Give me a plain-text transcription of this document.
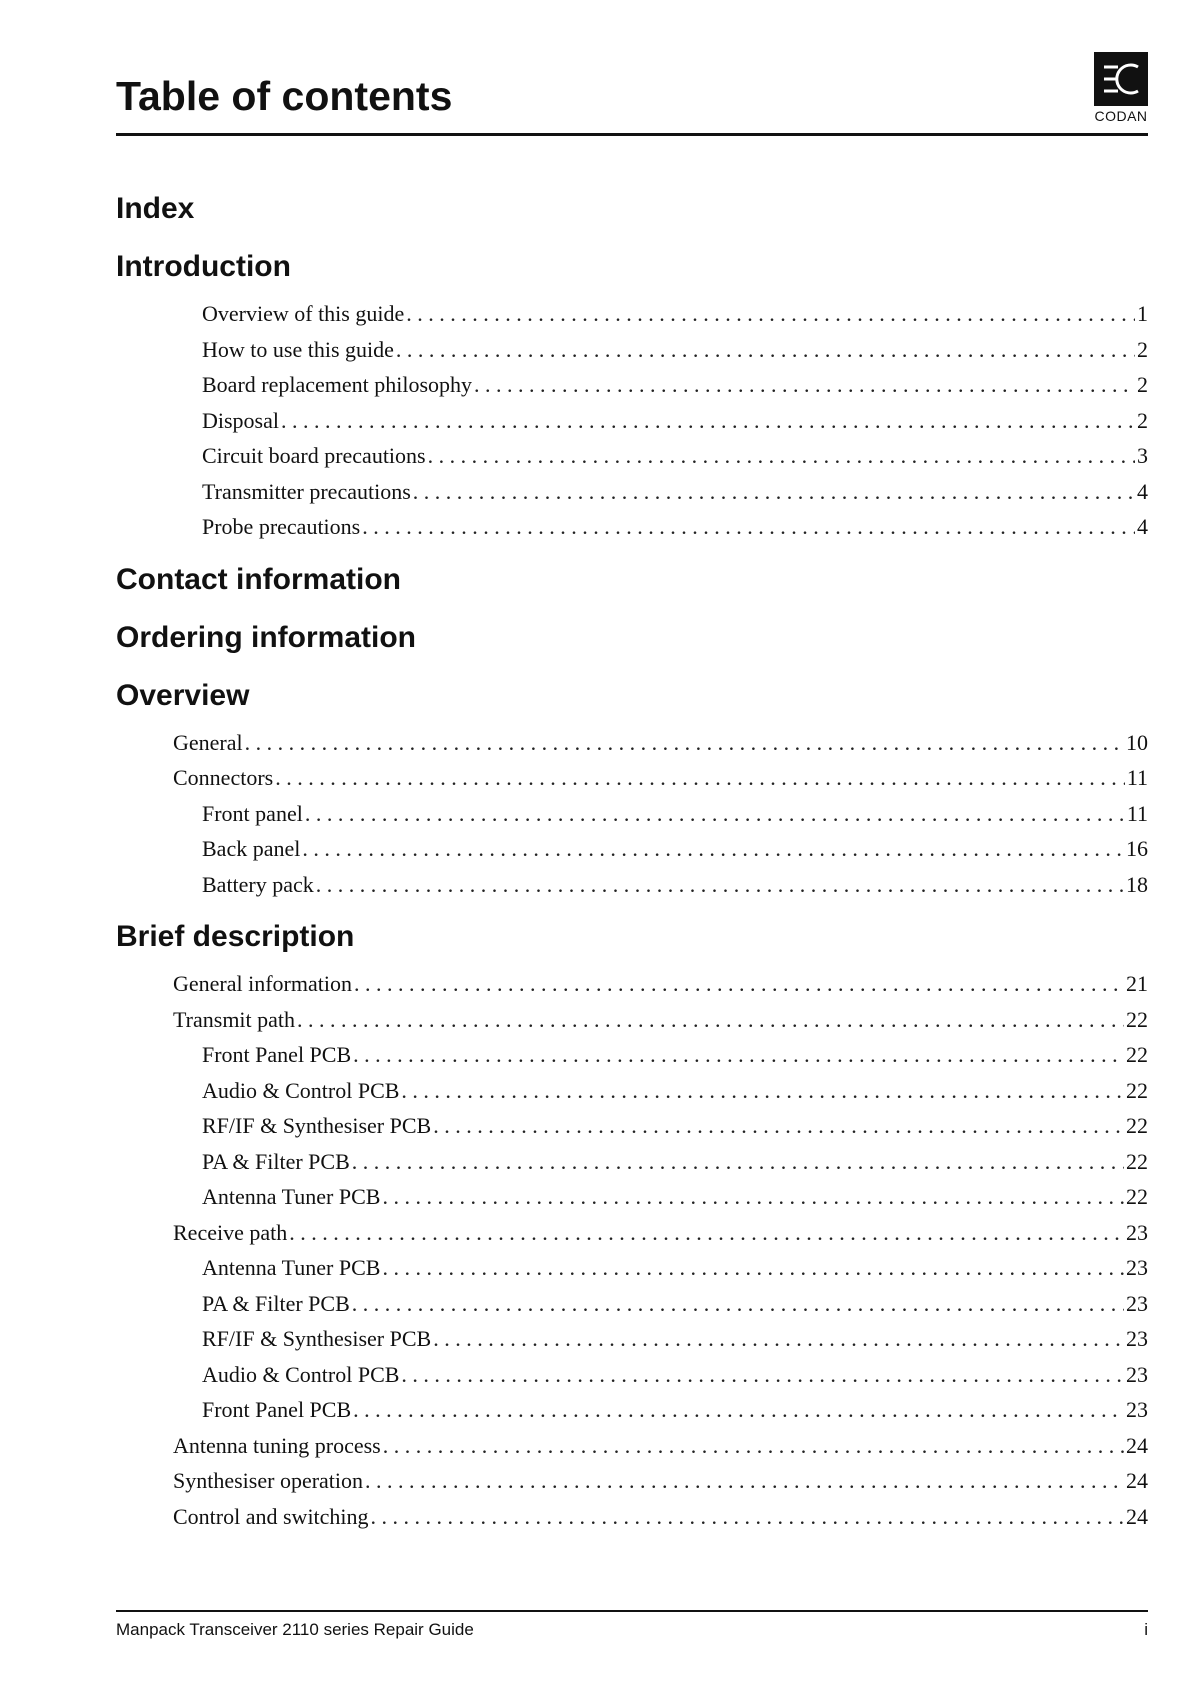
Table of contents	CODAN
Index
Introduction
Overview of this guide . . .	1
How to use this guide . . .	2
Board replacement philosophy . . .	2
Disposal . . .	2
Circuit board precautions . . .	3
Transmitter precautions . . .	4
Probe precautions . . .	4
Contact information
Ordering information
Overview
General . . .	10
Connectors . . .	11
Front panel . . .	11
Back panel . . .	16
Battery pack . . .	18
Brief description
General information . . .	21
Transmit path . . .	22
Front Panel PCB . . .	22
Audio & Control PCB . . .	22
RF/IF & Synthesiser PCB . . .	22
PA & Filter PCB . . .	22
Antenna Tuner PCB . . .	22
Receive path . . .	23
Antenna Tuner PCB . . .	23
PA & Filter PCB . . .	23
RF/IF & Synthesiser PCB . . .	23
Audio & Control PCB . . .	23
Front Panel PCB . . .	23
Antenna tuning process . . .	24
Synthesiser operation . . .	24
Control and switching . . .	24
Manpack Transceiver 2110 series Repair Guide	i
